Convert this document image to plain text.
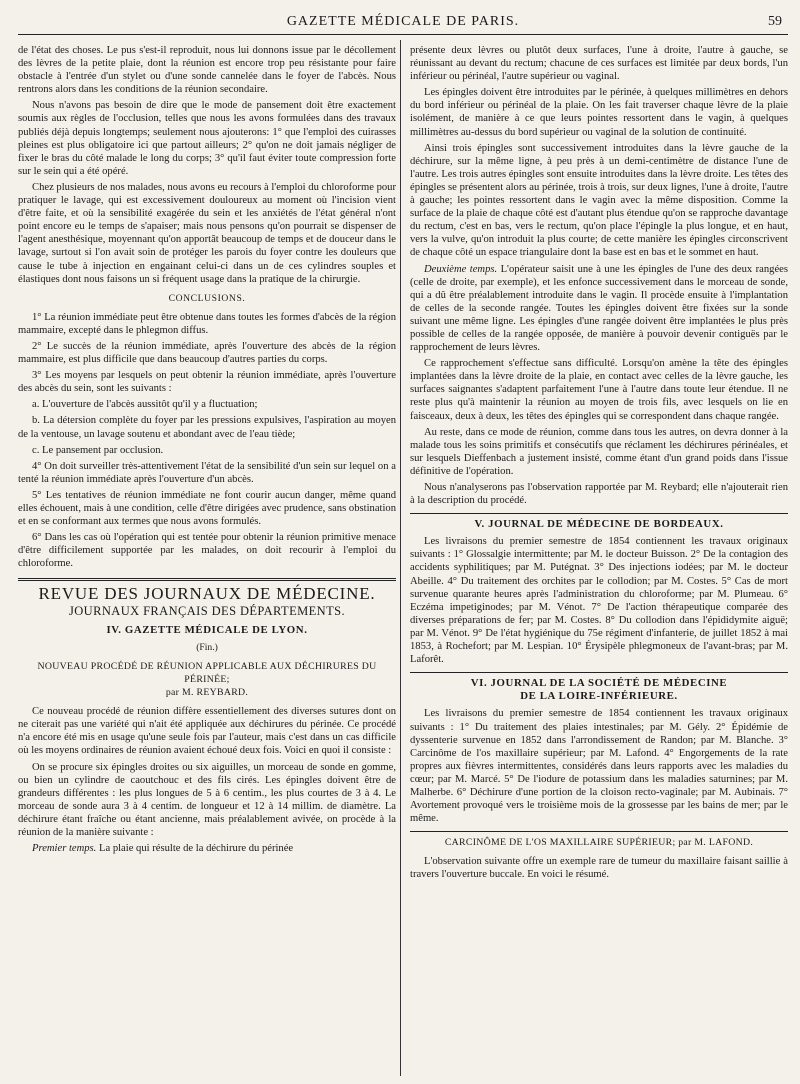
GAZETTE MÉDICALE DE PARIS.	59

de l'état des choses. Le pus s'est-il reproduit, nous lui donnons issue par le décollement des lèvres de la petite plaie, dont la réunion est encore trop peu résistante pour faire obstacle à l'entrée d'un stylet ou d'une sonde cannelée dans le foyer de l'abcès. Nous rentrons alors dans les conditions de la réunion secondaire.

Nous n'avons pas besoin de dire que le mode de pansement doit être exactement soumis aux règles de l'occlusion, telles que nous les avons formulées dans des travaux publiés déjà depuis longtemps; seulement nous ajouterons: 1° que l'emploi des cuirasses pleines est plus obligatoire ici que partout ailleurs; 2° qu'on ne doit jamais négliger de fixer le bras du côté malade le long du corps; 3° qu'il faut éviter toute compression forte sur le sein qui a été opéré.

Chez plusieurs de nos malades, nous avons eu recours à l'emploi du chloroforme pour pratiquer le lavage, qui est excessivement douloureux au moment où l'incision vient d'être faite, et où la sensibilité exagérée du sein et les anxiétés de l'état général n'ont point encore eu le temps de s'apaiser; mais nous pensons qu'on pourrait se dispenser de l'agent anesthésique, moyennant qu'on apportât beaucoup de temps et de douceur dans le lavage, surtout si l'on avait soin de protéger les parois du foyer contre les douleurs que cause le tube à injection en engainant celui-ci dans un de ces cylindres souples et élastiques dont nous faisons un si fréquent usage dans la pratique de la chirurgie.

CONCLUSIONS.

1° La réunion immédiate peut être obtenue dans toutes les formes d'abcès de la région mammaire, excepté dans le phlegmon diffus.

2° Le succès de la réunion immédiate, après l'ouverture des abcès de la région mammaire, est plus difficile que dans beaucoup d'autres parties du corps.

3° Les moyens par lesquels on peut obtenir la réunion immédiate, après l'ouverture des abcès du sein, sont les suivants :

a. L'ouverture de l'abcès aussitôt qu'il y a fluctuation;

b. La détersion complète du foyer par les pressions expulsives, l'aspiration au moyen de la ventouse, un lavage soutenu et abondant avec de l'eau tiède;

c. Le pansement par occlusion.

4° On doit surveiller très-attentivement l'état de la sensibilité d'un sein sur lequel on a tenté la réunion immédiate après l'ouverture d'un abcès.

5° Les tentatives de réunion immédiate ne font courir aucun danger, même quand elles échouent, mais à une condition, celle d'être dirigées avec prudence, sans obstination et en se conformant aux termes que nous avons formulés.

6° Dans les cas où l'opération qui est tentée pour obtenir la réunion primitive menace d'être difficilement supportée par les malades, on doit recourir à l'emploi du chloroforme.

REVUE DES JOURNAUX DE MÉDECINE.
JOURNAUX FRANÇAIS DES DÉPARTEMENTS.
IV. GAZETTE MÉDICALE DE LYON.
(Fin.)
NOUVEAU PROCÉDÉ DE RÉUNION APPLICABLE AUX DÉCHIRURES DU PÉRINÉE;
par M. REYBARD.

Ce nouveau procédé de réunion diffère essentiellement des diverses sutures dont on ne citerait pas une variété qui n'ait été appliquée aux déchirures du périnée. Ce procédé n'a encore été mis en usage qu'une seule fois par l'auteur, mais c'est dans un cas difficile où les moyens ordinaires de réunion avaient échoué deux fois. Voici en quoi il consiste :

On se procure six épingles droites ou six aiguilles, un morceau de sonde en gomme, ou bien un cylindre de caoutchouc et des fils cirés. Les épingles doivent être de grandeurs différentes : les plus longues de 5 à 6 centim., les plus courtes de 3 à 4. Le morceau de sonde aura 3 à 4 centim. de longueur et 12 à 14 millim. de diamètre. La déchirure étant fraîche ou étant ancienne, mais préalablement avivée, on procède à la réunion de la manière suivante :

Premier temps. La plaie qui résulte de la déchirure du périnée

présente deux lèvres ou plutôt deux surfaces, l'une à droite, l'autre à gauche, se réunissant au devant du rectum; chacune de ces surfaces est limitée par deux bords, l'un inférieur ou périnéal, l'autre supérieur ou vaginal.

Les épingles doivent être introduites par le périnée, à quelques millimètres en dehors du bord inférieur ou périnéal de la plaie. On les fait traverser chaque lèvre de la plaie isolément, de manière à ce que leurs pointes ressortent dans le vagin, à quelques millimètres au-dessus du bord supérieur ou vaginal de la solution de continuité.

Ainsi trois épingles sont successivement introduites dans la lèvre gauche de la déchirure, sur la même ligne, à peu près à un demi-centimètre de distance l'une de l'autre. Les trois autres épingles sont ensuite introduites dans la lèvre droite. Les têtes des épingles se présentent alors au périnée, trois à trois, sur deux lignes, l'une à droite, l'autre à gauche; les pointes ressortent dans le vagin avec la même disposition. Comme la surface de la plaie de chaque côté est d'autant plus étendue qu'on se rapproche davantage du rectum, c'est en bas, vers le rectum, qu'on place l'épingle la plus longue, et en haut, vers la vulve, qu'on introduit la plus courte; de cette manière les épingles circonscrivent de chaque côté un espace triangulaire dont la base est en bas et le sommet en haut.

Deuxième temps. L'opérateur saisit une à une les épingles de l'une des deux rangées (celle de droite, par exemple), et les enfonce successivement dans le morceau de sonde, qui a dû être préalablement introduite dans le vagin. Il procède ensuite à l'implantation de celles de la seconde rangée. Toutes les épingles doivent être fixées sur la sonde suivant une même ligne. Les épingles d'une rangée doivent être implantées le plus près possible de celles de la rangée opposée, de manière à pouvoir devenir contiguës par le rapprochement de leurs lèvres.

Ce rapprochement s'effectue sans difficulté. Lorsqu'on amène la tête des épingles implantées dans la lèvre droite de la plaie, en contact avec celles de la lèvre gauche, les surfaces saignantes s'adaptent parfaitement l'une à l'autre dans toute leur étendue. Il ne reste plus qu'à maintenir la réunion au moyen de trois fils, avec lesquels on lie en faisceaux, deux à deux, les têtes des épingles qui se correspondent dans chaque rangée.

Au reste, dans ce mode de réunion, comme dans tous les autres, on devra donner à la malade tous les soins primitifs et consécutifs que réclament les déchirures périnéales, et sur lesquels Dieffenbach a justement insisté, comme étant d'un grand poids dans l'issue définitive de l'opération.

Nous n'analyserons pas l'observation rapportée par M. Reybard; elle n'ajouterait rien à la description du procédé.

V. JOURNAL DE MÉDECINE DE BORDEAUX.

Les livraisons du premier semestre de 1854 contiennent les travaux originaux suivants : 1° Glossalgie intermittente; par M. le docteur Buisson. 2° De la contagion des accidents syphilitiques; par M. Putégnat. 3° Des injections iodées; par M. le docteur Abeille. 4° Du traitement des orchites par le collodion; par M. Costes. 5° Cas de mort survenue quarante heures après l'administration du chloroforme; par M. Plumeau. 6° Eczéma impetiginodes; par M. Vénot. 7° De l'action thérapeutique comparée des diverses préparations de fer; par M. Costes. 8° Du collodion dans l'épididymite aiguë; par M. Vénot. 9° De l'état hygiénique du 75e régiment d'infanterie, de juillet 1852 à mai 1853, à Rochefort; par M. Lespian. 10° Érysipèle phlegmoneux de l'avant-bras; par M. Laforêt.

VI. JOURNAL DE LA SOCIÉTÉ DE MÉDECINE
DE LA LOIRE-INFÉRIEURE.

Les livraisons du premier semestre de 1854 contiennent les travaux originaux suivants : 1° Du traitement des plaies intestinales; par M. Gély. 2° Épidémie de dyssenterie survenue en 1852 dans l'arrondissement de Randon; par M. Blanche. 3° Carcinôme de l'os maxillaire supérieur; par M. Lafond. 4° Engorgements de la rate propres aux fièvres intermittentes, considérés dans leurs rapports avec les maladies du cœur; par M. Marcé. 5° De l'iodure de potassium dans les maladies saturnines; par M. Malherbe. 6° Déchirure d'une portion de la cloison recto-vaginale; par M. Aubinais. 7° Avortement provoqué vers le troisième mois de la grossesse par les bains de mer; par le même.

CARCINÔME DE L'OS MAXILLAIRE SUPÉRIEUR; par M. LAFOND.

L'observation suivante offre un exemple rare de tumeur du maxillaire faisant saillie à travers l'ouverture buccale. En voici le résumé.
